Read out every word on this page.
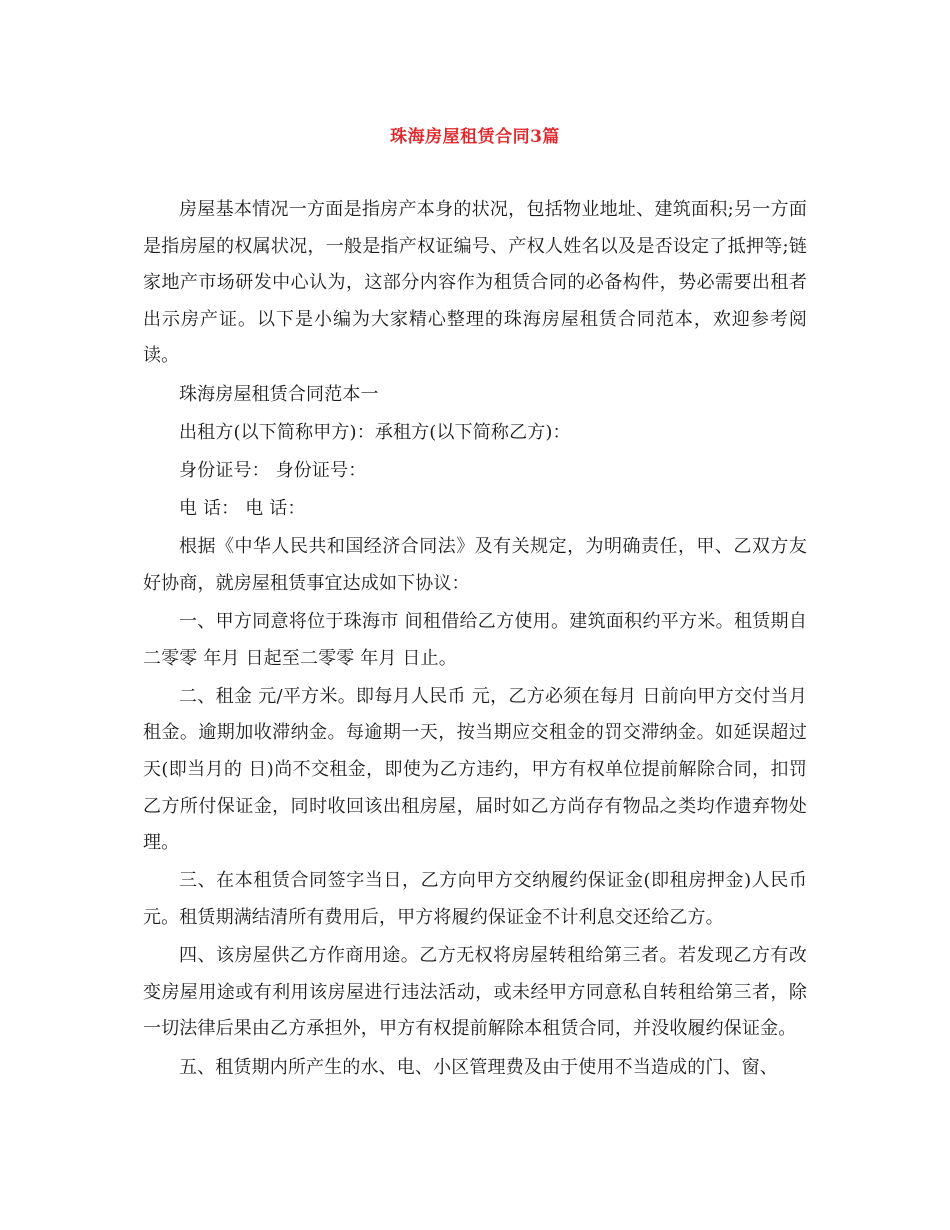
珠海房屋租赁合同3篇

房屋基本情况一方面是指房产本身的状况，包括物业地址、建筑面积;另一方面是指房屋的权属状况，一般是指产权证编号、产权人姓名以及是否设定了抵押等;链家地产市场研发中心认为，这部分内容作为租赁合同的必备构件，势必需要出租者出示房产证。以下是小编为大家精心整理的珠海房屋租赁合同范本，欢迎参考阅读。

珠海房屋租赁合同范本一

出租方(以下简称甲方)：承租方(以下简称乙方)：

身份证号： 身份证号：

电 话： 电 话：

根据《中华人民共和国经济合同法》及有关规定，为明确责任，甲、乙双方友好协商，就房屋租赁事宜达成如下协议：

一、甲方同意将位于珠海市 间租借给乙方使用。建筑面积约平方米。租赁期自二零零 年月 日起至二零零 年月 日止。

二、租金 元/平方米。即每月人民币 元，乙方必须在每月 日前向甲方交付当月租金。逾期加收滞纳金。每逾期一天，按当期应交租金的罚交滞纳金。如延误超过 天(即当月的 日)尚不交租金，即使为乙方违约，甲方有权单位提前解除合同，扣罚乙方所付保证金，同时收回该出租房屋，届时如乙方尚存有物品之类均作遗弃物处理。

三、在本租赁合同签字当日，乙方向甲方交纳履约保证金(即租房押金)人民币 元。租赁期满结清所有费用后，甲方将履约保证金不计利息交还给乙方。

四、该房屋供乙方作商用途。乙方无权将房屋转租给第三者。若发现乙方有改变房屋用途或有利用该房屋进行违法活动，或未经甲方同意私自转租给第三者，除一切法律后果由乙方承担外，甲方有权提前解除本租赁合同，并没收履约保证金。

五、租赁期内所产生的水、电、小区管理费及由于使用不当造成的门、窗、
